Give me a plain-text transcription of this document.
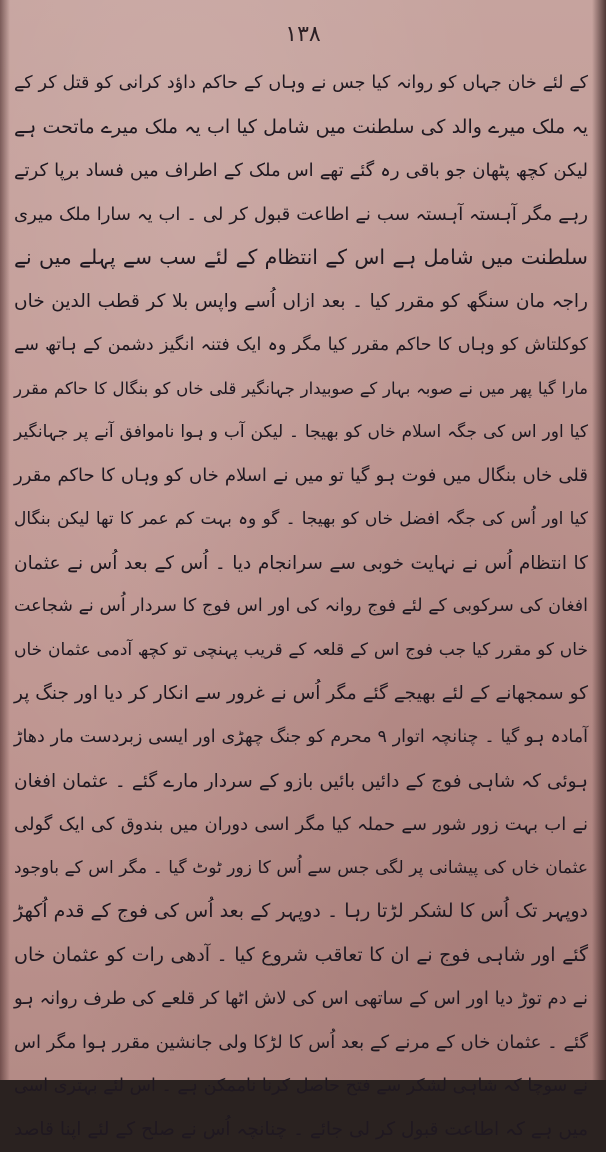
۱۳۸
کے لئے خان جہاں کو روانہ کیا جس نے وہاں کے حاکم داؤد کرانی کو قتل کر کے
یہ ملک میرے والد کی سلطنت میں شامل کیا اب یہ ملک میرے ماتحت ہے
لیکن کچھ پٹھان جو باقی رہ گئے تھے اس ملک کے اطراف میں فساد برپا کرتے
رہے مگر آہستہ آہستہ سب نے اطاعت قبول کر لی ۔ اب یہ سارا ملک میری
سلطنت میں شامل ہے اس کے انتظام کے لئے سب سے پہلے میں نے
راجہ مان سنگھ کو مقرر کیا ۔ بعد ازاں اُسے واپس بلا کر قطب الدین خاں
کوکلتاش کو وہاں کا حاکم مقرر کیا مگر وہ ایک فتنہ انگیز دشمن کے ہاتھ سے
مارا گیا پھر میں نے صوبہ بہار کے صوبیدار جہانگیر قلی خاں کو بنگال کا حاکم مقرر
کیا اور اس کی جگہ اسلام خاں کو بھیجا ۔ لیکن آب و ہوا ناموافق آنے پر جہانگیر
قلی خاں بنگال میں فوت ہو گیا تو میں نے اسلام خاں کو وہاں کا حاکم مقرر
کیا اور اُس کی جگہ افضل خاں کو بھیجا ۔ گو وہ بہت کم عمر کا تھا لیکن بنگال
کا انتظام اُس نے نہایت خوبی سے سرانجام دیا ۔ اُس کے بعد اُس نے عثمان
افغان کی سرکوبی کے لئے فوج روانہ کی اور اس فوج کا سردار اُس نے شجاعت
خاں کو مقرر کیا جب فوج اس کے قلعہ کے قریب پہنچی تو کچھ آدمی عثمان خاں
کو سمجھانے کے لئے بھیجے گئے مگر اُس نے غرور سے انکار کر دیا اور جنگ پر
آمادہ ہو گیا ۔ چنانچہ اتوار ۹ محرم کو جنگ چھڑی اور ایسی زبردست مار دھاڑ
ہوئی کہ شاہی فوج کے دائیں بائیں بازو کے سردار مارے گئے ۔ عثمان افغان
نے اب بہت زور شور سے حملہ کیا مگر اسی دوران میں بندوق کی ایک گولی
عثمان خاں کی پیشانی پر لگی جس سے اُس کا زور ٹوٹ گیا ۔ مگر اس کے باوجود
دوپہر تک اُس کا لشکر لڑتا رہا ۔ دوپہر کے بعد اُس کی فوج کے قدم اُکھڑ
گئے اور شاہی فوج نے ان کا تعاقب شروع کیا ۔ آدھی رات کو عثمان خاں
نے دم توڑ دیا اور اس کے ساتھی اس کی لاش اٹھا کر قلعے کی طرف روانہ ہو
گئے ۔ عثمان خاں کے مرنے کے بعد اُس کا لڑکا ولی جانشین مقرر ہوا مگر اس
نے سوچا کہ شاہی لشکر سے فتح حاصل کرنا ناممکن ہے ۔ اس لئے بہتری اسی
میں ہے کہ اطاعت قبول کر لی جائے ۔ چنانچہ اُس نے صلح کے لئے اپنا قاصد
